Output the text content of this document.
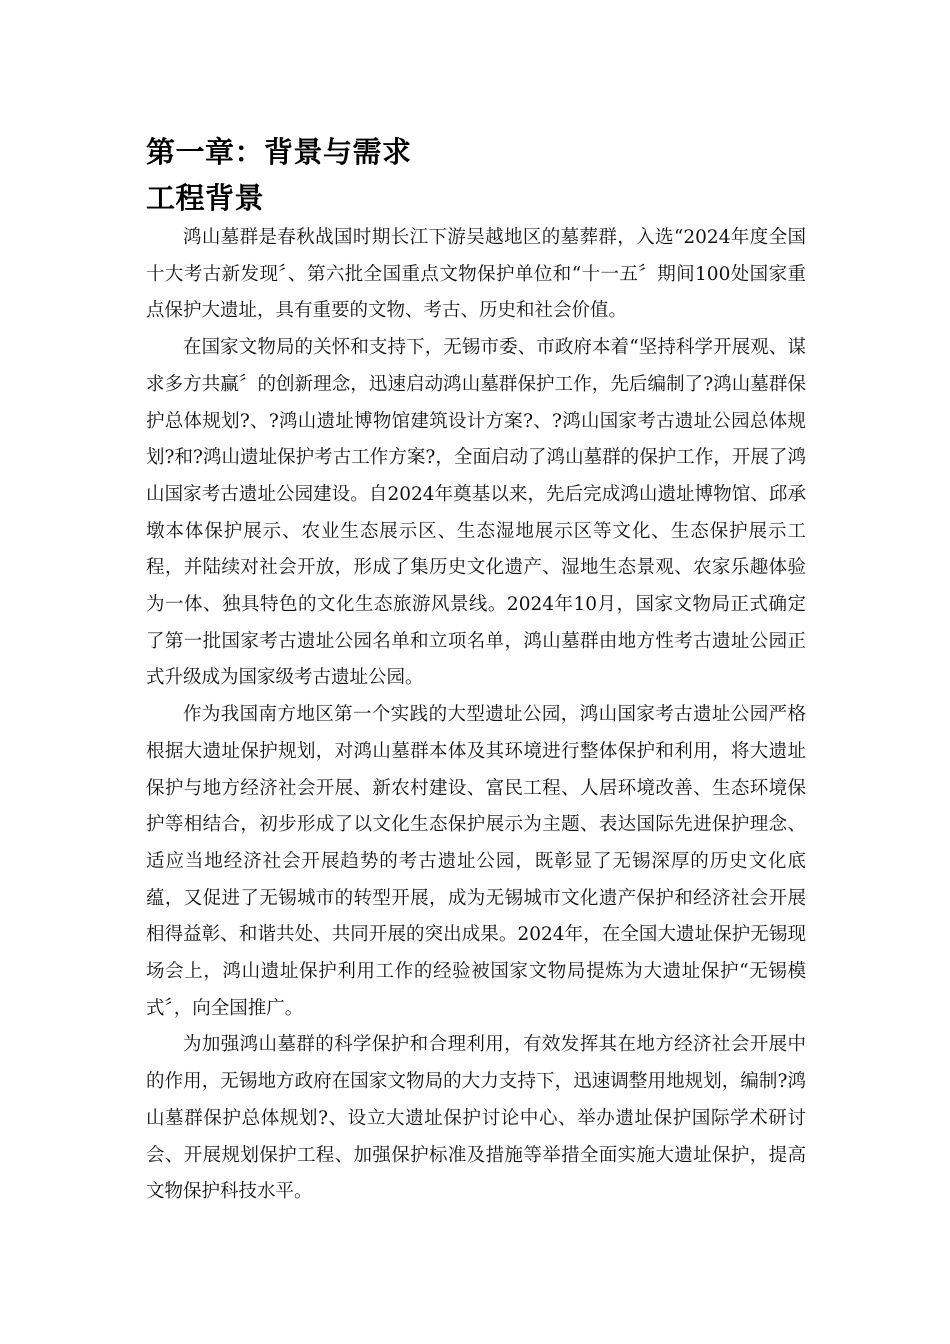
第一章：背景与需求
工程背景

鸿山墓群是春秋战国时期长江下游吴越地区的墓葬群，入选“2024年度全国十大考古新发现〞、第六批全国重点文物保护单位和“十一五〞期间100处国家重点保护大遗址，具有重要的文物、考古、历史和社会价值。

在国家文物局的关怀和支持下，无锡市委、市政府本着“坚持科学开展观、谋求多方共赢〞的创新理念，迅速启动鸿山墓群保护工作，先后编制了?鸿山墓群保护总体规划?、?鸿山遗址博物馆建筑设计方案?、?鸿山国家考古遗址公园总体规划?和?鸿山遗址保护考古工作方案?，全面启动了鸿山墓群的保护工作，开展了鸿山国家考古遗址公园建设。自2024年奠基以来，先后完成鸿山遗址博物馆、邱承墩本体保护展示、农业生态展示区、生态湿地展示区等文化、生态保护展示工程，并陆续对社会开放，形成了集历史文化遗产、湿地生态景观、农家乐趣体验为一体、独具特色的文化生态旅游风景线。2024年10月，国家文物局正式确定了第一批国家考古遗址公园名单和立项名单，鸿山墓群由地方性考古遗址公园正式升级成为国家级考古遗址公园。

作为我国南方地区第一个实践的大型遗址公园，鸿山国家考古遗址公园严格根据大遗址保护规划，对鸿山墓群本体及其环境进行整体保护和利用，将大遗址保护与地方经济社会开展、新农村建设、富民工程、人居环境改善、生态环境保护等相结合，初步形成了以文化生态保护展示为主题、表达国际先进保护理念、适应当地经济社会开展趋势的考古遗址公园，既彰显了无锡深厚的历史文化底蕴，又促进了无锡城市的转型开展，成为无锡城市文化遗产保护和经济社会开展相得益彰、和谐共处、共同开展的突出成果。2024年，在全国大遗址保护无锡现场会上，鸿山遗址保护利用工作的经验被国家文物局提炼为大遗址保护“无锡模式〞，向全国推广。

为加强鸿山墓群的科学保护和合理利用，有效发挥其在地方经济社会开展中的作用，无锡地方政府在国家文物局的大力支持下，迅速调整用地规划，编制?鸿山墓群保护总体规划?、设立大遗址保护讨论中心、举办遗址保护国际学术研讨会、开展规划保护工程、加强保护标准及措施等举措全面实施大遗址保护，提高文物保护科技水平。
